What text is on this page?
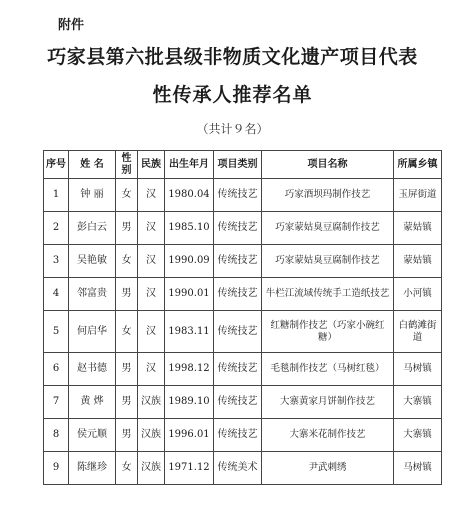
附件
巧家县第六批县级非物质文化遗产项目代表
性传承人推荐名单
（共计９名）
序号	姓 名	性别	民族	出生年月	项目类别	项目名称	所属乡镇
1	钟 丽	女	汉	1980.04	传统技艺	巧家酒坝玛制作技艺	玉屏街道
2	彭白云	男	汉	1985.10	传统技艺	巧家蒙姑臭豆腐制作技艺	蒙姑镇
3	吴艳敏	女	汉	1990.09	传统技艺	巧家蒙姑臭豆腐制作技艺	蒙姑镇
4	邻富贵	男	汉	1990.01	传统技艺	牛栏江流域传统手工造纸技艺	小河镇
5	何启华	女	汉	1983.11	传统技艺	红糖制作技艺（巧家小碗红糖）	白鹤滩街道
6	赵书德	男	汉	1998.12	传统技艺	毛毯制作技艺（马树红毯）	马树镇
7	黄 烨	男	汉族	1989.10	传统技艺	大寨黄家月饼制作技艺	大寨镇
8	侯元顺	男	汉族	1996.01	传统技艺	大寨米花制作技艺	大寨镇
9	陈继珍	女	汉族	1971.12	传统美术	尹武刺绣	马树镇
